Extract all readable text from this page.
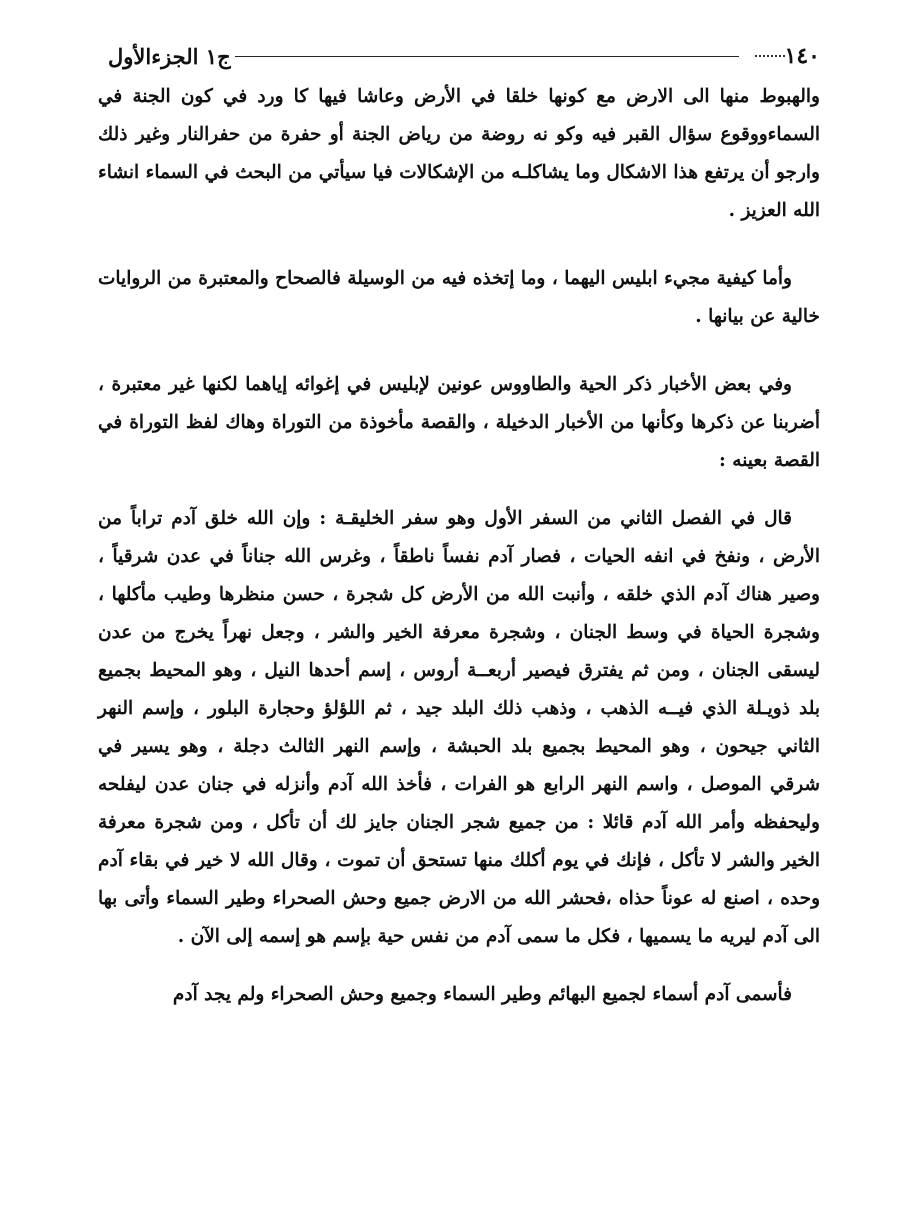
١٤٠
ج١ الجزءالأول

والهبوط منها الى الارض مع كونها خلقا في الأرض وعاشا فيها كا ورد في كون الجنة في السماءووقوع سؤال القبر فيه وكو نه روضة من رياض الجنة أو حفرة من حفرالنار وغير ذلك وارجو أن يرتفع هذا الاشكال وما يشاكلـه من الإشكالات فيا سيأتي من البحث في السماء انشاء الله العزيز .

وأما كيفية مجيء ابليس اليهما ، وما إتخذه فيه من الوسيلة فالصحاح والمعتبرة من الروايات خالية عن بيانها .

وفي بعض الأخبار ذكر الحية والطاووس عونين لإبليس في إغوائه إياهما لكنها غير معتبرة ، أضربنا عن ذكرها وكأنها من الأخبار الدخيلة ، والقصة مأخوذة من التوراة وهاك لفظ التوراة في القصة بعينه :

قال في الفصل الثاني من السفر الأول وهو سفر الخليقـة : وإن الله خلق آدم تراباً من الأرض ، ونفخ في انفه الحيات ، فصار آدم نفساً ناطقاً ، وغرس الله جناناً في عدن شرقياً ، وصير هناك آدم الذي خلقه ، وأنبت الله من الأرض كل شجرة ، حسن منظرها وطيب مأكلها ، وشجرة الحياة في وسط الجنان ، وشجرة معرفة الخير والشر ، وجعل نهراً يخرج من عدن ليسقى الجنان ، ومن ثم يفترق فيصير أربعــة أروس ، إسم أحدها النيل ، وهو المحيط بجميع بلد ذويـلة الذي فيــه الذهب ، وذهب ذلك البلد جيد ، ثم اللؤلؤ وحجارة البلور ، وإسم النهر الثاني جيحون ، وهو المحيط بجميع بلد الحبشة ، وإسم النهر الثالث دجلة ، وهو يسير في شرقي الموصل ، واسم النهر الرابع هو الفرات ، فأخذ الله آدم وأنزله في جنان عدن ليفلحه وليحفظه وأمر الله آدم قائلا : من جميع شجر الجنان جايز لك أن تأكل ، ومن شجرة معرفة الخير والشر لا تأكل ، فإنك في يوم أكلك منها تستحق أن تموت ، وقال الله لا خير في بقاء آدم وحده ، اصنع له عوناً حذاه ،فحشر الله من الارض جميع وحش الصحراء وطير السماء وأتى بها الى آدم ليريه ما يسميها ، فكل ما سمى آدم من نفس حية بإسم هو إسمه إلى الآن .

فأسمى آدم أسماء لجميع البهائم وطير السماء وجميع وحش الصحراء ولم يجد آدم
